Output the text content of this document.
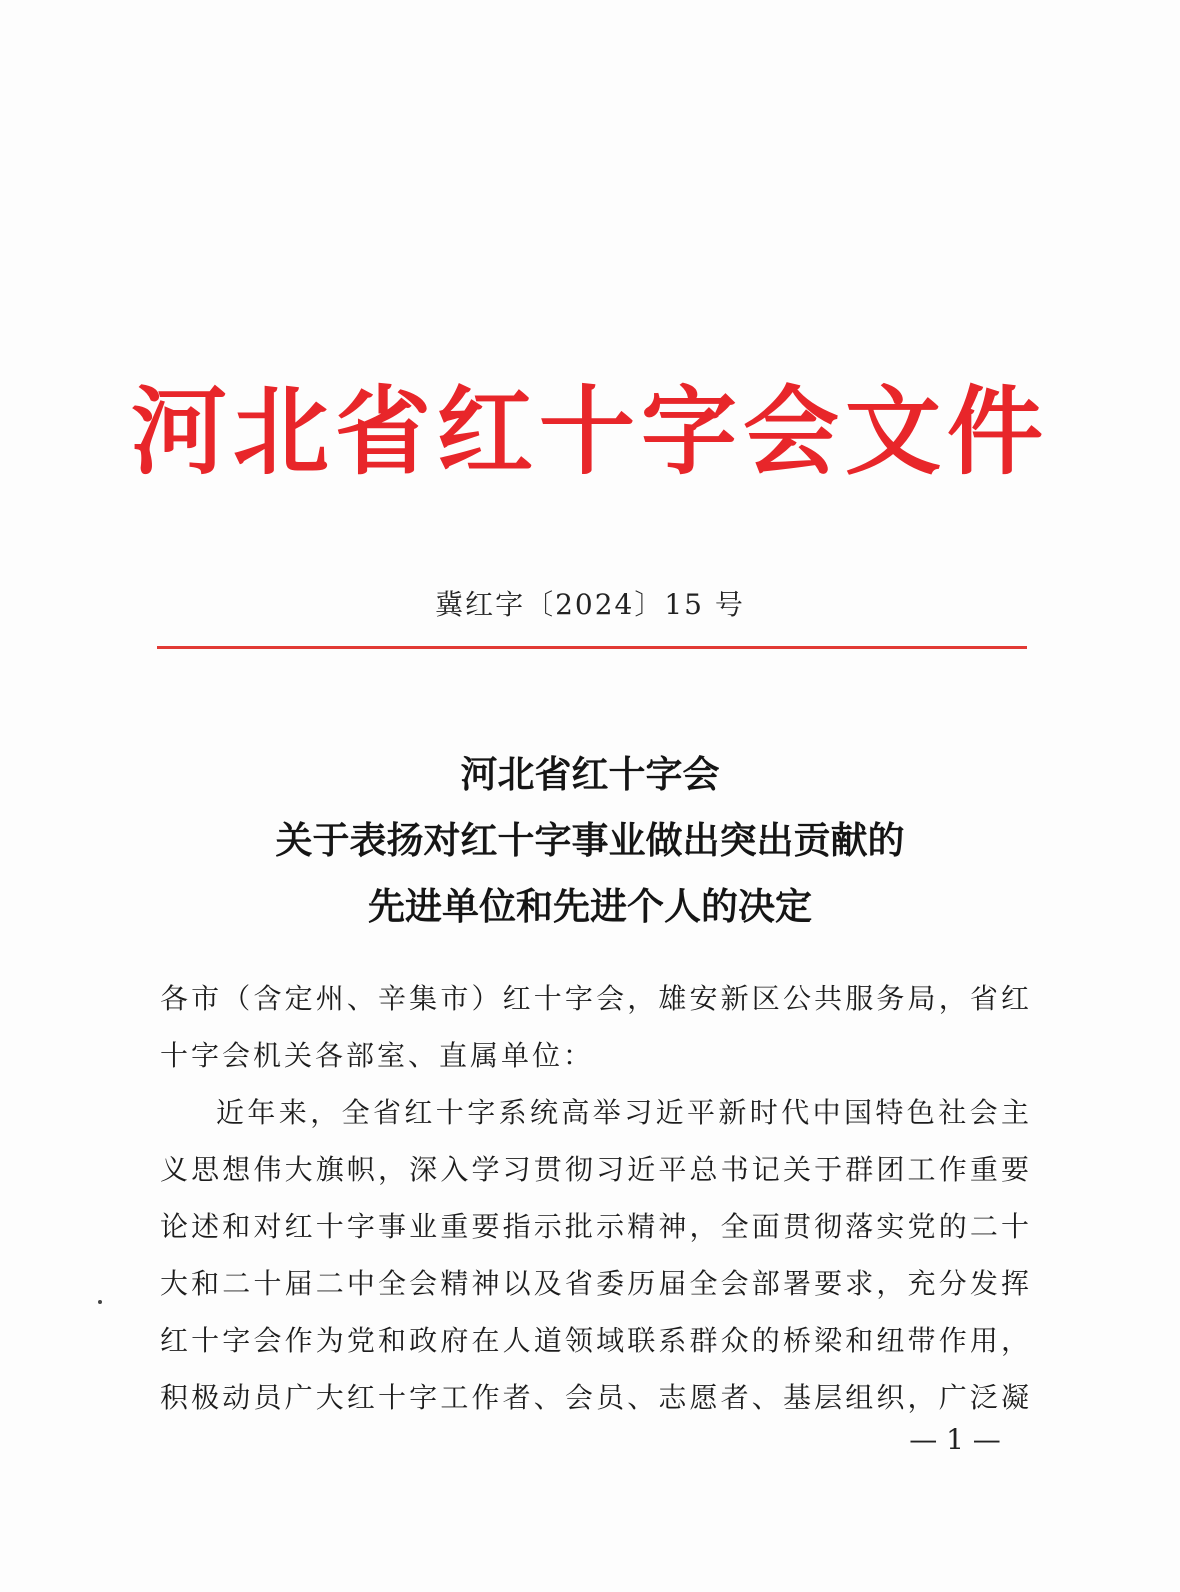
河北省红十字会文件
冀红字〔2024〕15 号
河北省红十字会
关于表扬对红十字事业做出突出贡献的
先进单位和先进个人的决定
各市（含定州、辛集市）红十字会，雄安新区公共服务局，省红
十字会机关各部室、直属单位：
近年来，全省红十字系统高举习近平新时代中国特色社会主
义思想伟大旗帜，深入学习贯彻习近平总书记关于群团工作重要
论述和对红十字事业重要指示批示精神，全面贯彻落实党的二十
大和二十届二中全会精神以及省委历届全会部署要求，充分发挥
红十字会作为党和政府在人道领域联系群众的桥梁和纽带作用，
积极动员广大红十字工作者、会员、志愿者、基层组织，广泛凝
— 1 —
